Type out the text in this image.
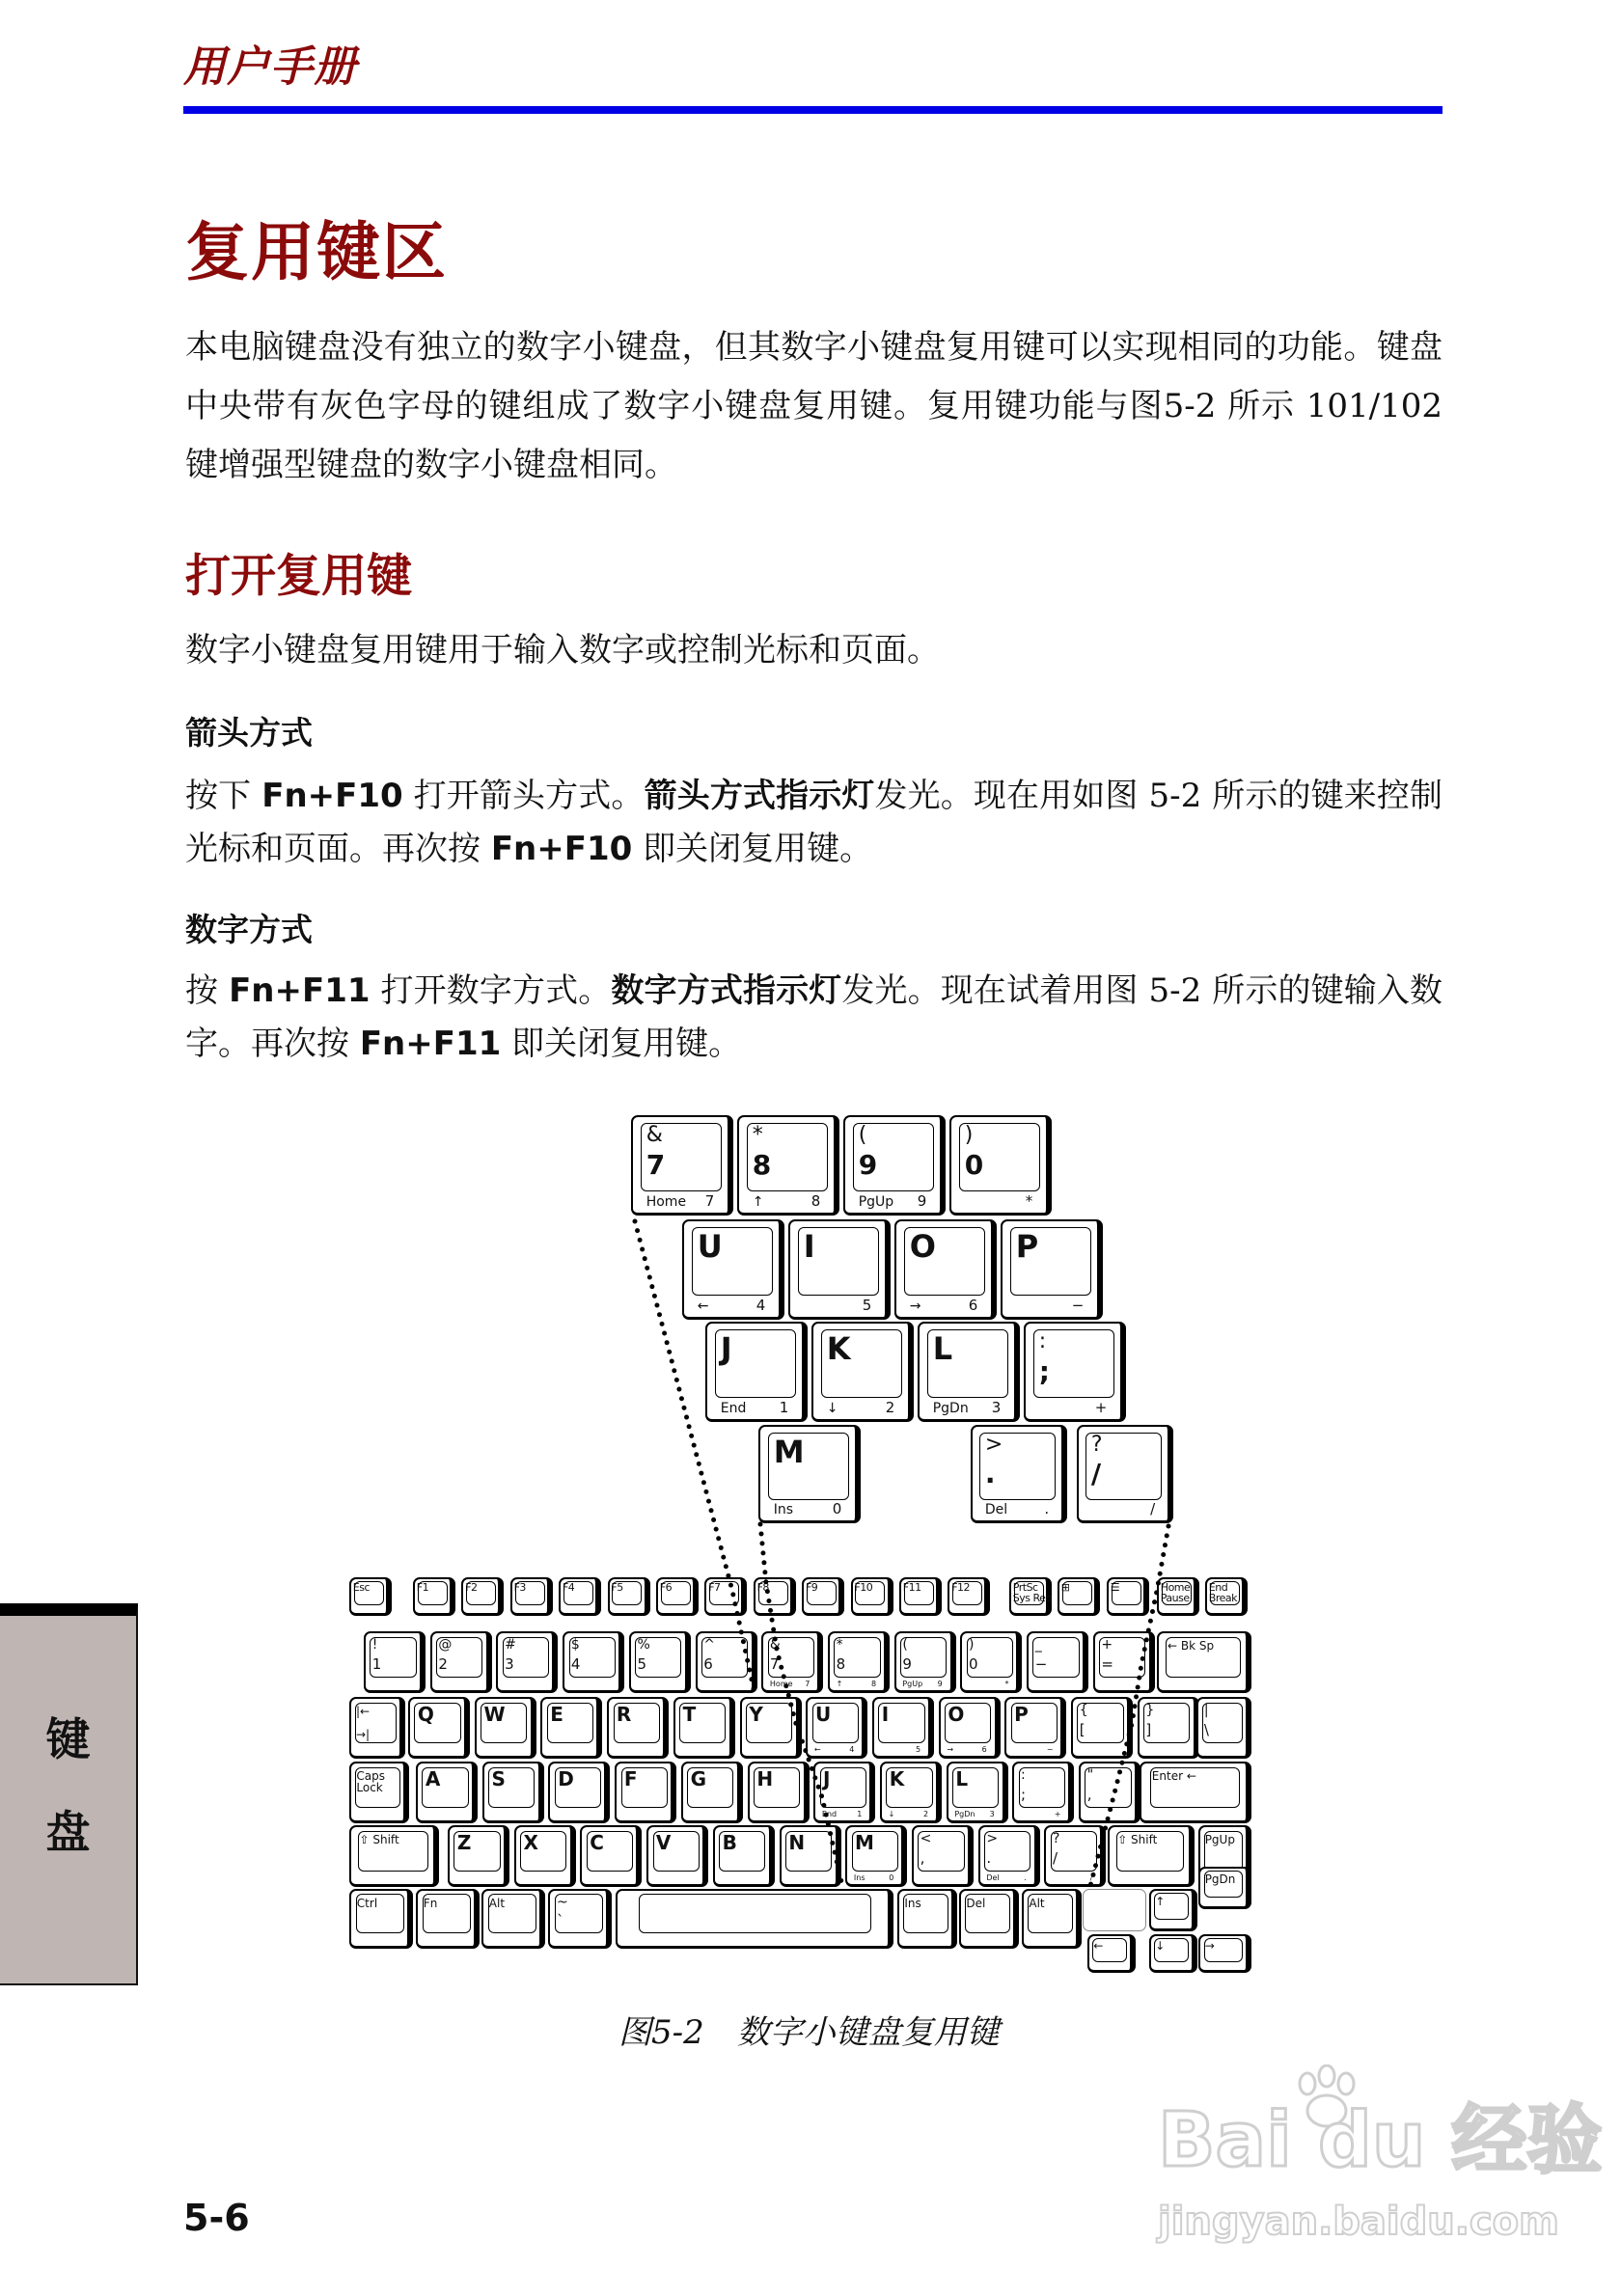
用户手册
复用键区
本电脑键盘没有独立的数字小键盘，但其数字小键盘复用键可以实现相同的功能。键盘中央带有灰色字母的键组成了数字小键盘复用键。复用键功能与图5-2 所示 101/102 键增强型键盘的数字小键盘相同。
打开复用键
数字小键盘复用键用于输入数字或控制光标和页面。
箭头方式
按下 Fn+F10 打开箭头方式。箭头方式指示灯发光。现在用如图 5-2 所示的键来控制光标和页面。再次按 Fn+F10 即关闭复用键。
数字方式
按 Fn+F11 打开数字方式。数字方式指示灯发光。现在试着用图 5-2 所示的键输入数字。再次按 Fn+F11 即关闭复用键。
&
7
Home 7
*
8
↑	8
(
9
PgUp 9
)
0
*
U
←	4
I
5
O
→	6
P
−
J
End 1
K
↓	2
L
PgDn 3
:
;
+
M
Ins	0
>
.
Del	.
?
/
/
Esc	F1	F2	F3	F4	F5	F6	F7	F8	F9	F10	F11	F12	PrtSc
Sys Req
⊞	☰	Home
Pause
End
Break
!
1
@
2
#
3
$
4
%
5
^
6
&
7
Home 7
*
8
↑	8
(
9
PgUp 9
)
0
*
_
−
+
=
← Bk Sp
|←

→|
Q	W E	R	T	Y	U
←	4
I
5
O
→	6
P
−
{
[
}
]
|
\
Caps
Lock A	S	D	F	G	H	J
End	1
K
↓	2
L
PgDn 3
:
;
+
"
,
Enter ←
⇧ Shift	Z	X	C	V	B	N	M
Ins	0
<
,
>
.
Del	.
?
/
/
⇧ Shift	PgUp
Ctrl	Fn	Alt	~
`
Ins	Del	Alt	↑
PgDn
←	↓	→
图5-2　数字小键盘复用键
键
盘
5-6
Bai du 经验
jingyan.baidu.com
